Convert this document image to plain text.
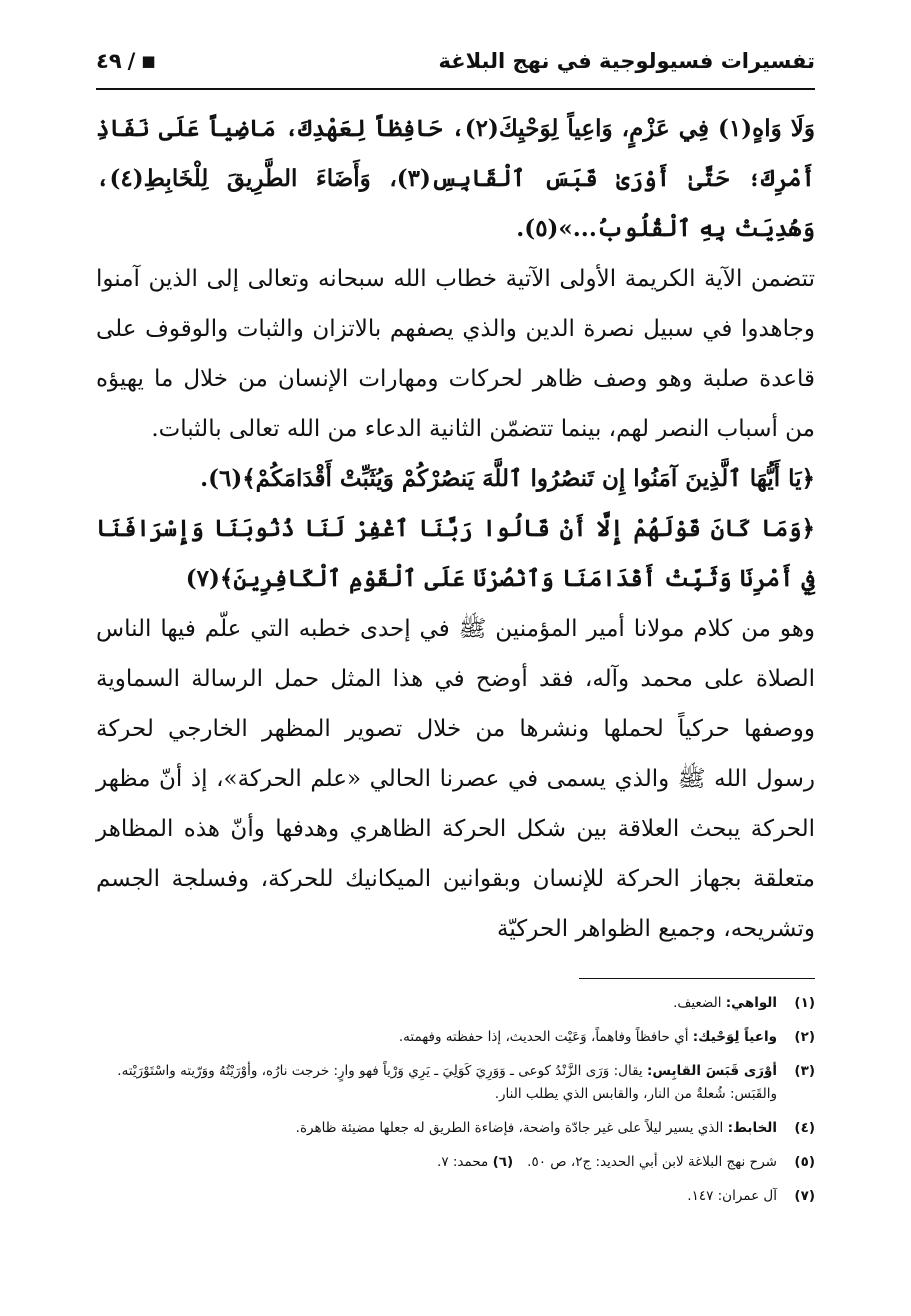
تفسيرات فسيولوجية في نهج البلاغة
■
/
٤٩

وَلَا وَاهٍ(١) فِي عَزْمٍ، وَاعِياً لِوَحْيِكَ(٢)، حَافِظاً لِعَهْدِكَ، مَاضِياً عَلَى نَفَاذِ أَمْرِكَ؛ حَتَّىٰ أَوْرَىٰ قَبَسَ ٱلْقَابِسِ(٣)، وَأَضَاءَ الطَّرِيقَ لِلْخَابِطِ(٤)، وَهُدِيَتْ بِهِ ٱلْقُلُوبُ...»(٥).

تتضمن الآية الكريمة الأولى الآتية خطاب الله سبحانه وتعالى إلى الذين آمنوا وجاهدوا في سبيل نصرة الدين والذي يصفهم بالاتزان والثبات والوقوف على قاعدة صلبة وهو وصف ظاهر لحركات ومهارات الإنسان من خلال ما يهيؤه من أسباب النصر لهم، بينما تتضمّن الثانية الدعاء من الله تعالى بالثبات.

﴿يَا أَيُّهَا ٱلَّذِينَ آمَنُوا إِن تَنصُرُوا ٱللَّهَ يَنصُرْكُمْ وَيُثَبِّتْ أَقْدَامَكُمْ﴾(٦).

﴿وَمَا كَانَ قَوْلَهُمْ إِلَّا أَنْ قَالُوا رَبَّنَا ٱغْفِرْ لَنَا ذُنُوبَنَا وَإِسْرَافَنَا فِي أَمْرِنَا وَثَبِّتْ أَقْدَامَنَا وَٱنْصُرْنَا عَلَى ٱلْقَوْمِ ٱلْكَافِرِينَ﴾(٧)

وهو من كلام مولانا أمير المؤمنين ﷺ في إحدى خطبه التي علّم فيها الناس الصلاة على محمد وآله، فقد أوضح في هذا المثل حمل الرسالة السماوية ووصفها حركياً لحملها ونشرها من خلال تصوير المظهر الخارجي لحركة رسول الله ﷺ والذي يسمى في عصرنا الحالي «علم الحركة»، إذ أنّ مظهر الحركة يبحث العلاقة بين شكل الحركة الظاهري وهدفها وأنّ هذه المظاهر متعلقة بجهاز الحركة للإنسان وبقوانين الميكانيك للحركة، وفسلجة الجسم وتشريحه، وجميع الظواهر الحركيّة

(١)
الواهي: الضعيف.
(٢)
واعياً لِوَحْيك: أي حافظاً وفاهماً، وَعَيْت الحديث، إذا حفظته وفهمته.
(٣)
أوْرَى قَبَسَ القابِس: يقال: وَرَى الزَّنْدُ كوعى ـ وَوَرِيَ كَوَلِيَ ـ يَرِي وَرْياً فهو وارٍ: خرجت نارُه، وأوْرَيْتُهُ ووَرّيته واسْتَوْرَيْته. والقَبَس: شُعلةٌ من النار، والقابس الذي يطلب النار.
(٤)
الخابط: الذي يسير ليلاً على غير جادّة واضحة، فإضاءة الطريق له جعلها مضيئة ظاهرة.
(٥)
شرح نهج البلاغة لابن أبي الحديد: ج٢، ص ٥٠.(٦) محمد: ٧.
(٧)
آل عمران: ١٤٧.
